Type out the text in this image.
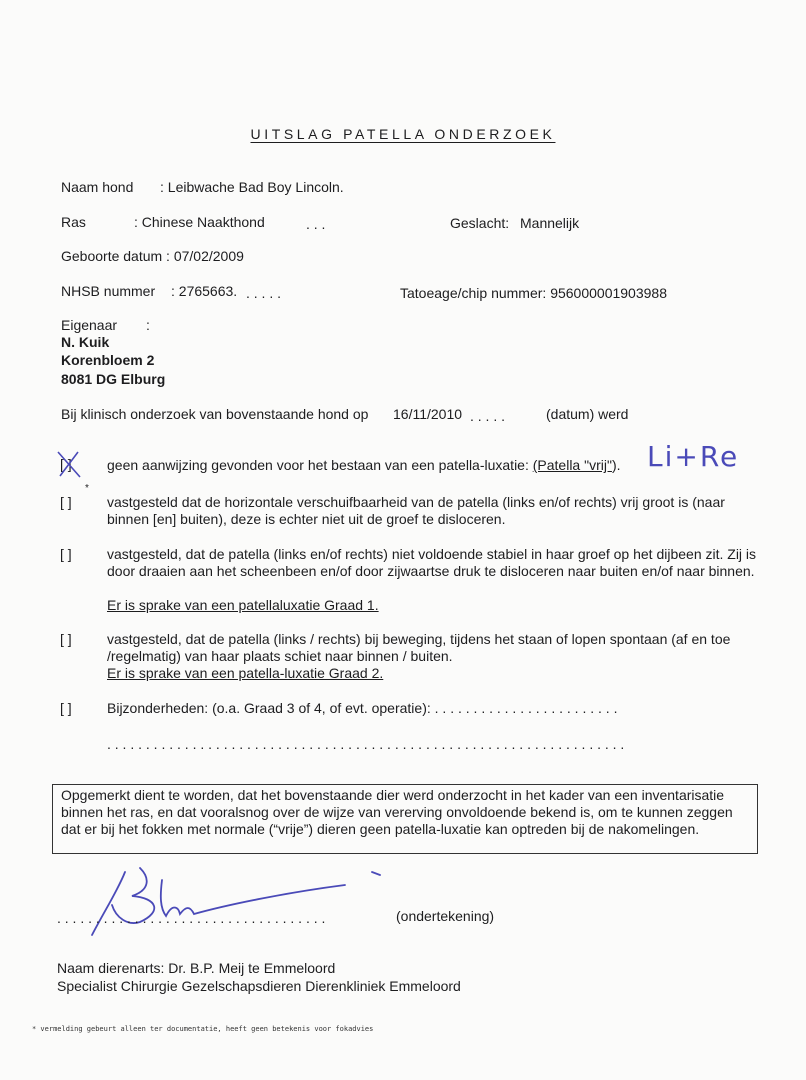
UITSLAG PATELLA ONDERZOEK
Naam hond : Leibwache Bad Boy Lincoln.
Ras	: Chinese Naakthond	. . .	Geslacht: Mannelijk
Geboorte datum : 07/02/2009
NHSB nummer : 2765663. . . . . .	Tatoeage/chip nummer: 956000001903988
Eigenaar :
N. Kuik
Korenbloem 2
8081 DG Elburg
Bij klinisch onderzoek van bovenstaande hond op 16/11/2010 . . . . .	(datum) werd
[ ]	geen aanwijzing gevonden voor het bestaan van een patella-luxatie: (Patella "vrij"). Li+Re
[ ]
*
vastgesteld dat de horizontale verschuifbaarheid van de patella (links en/of rechts) vrij groot is (naar binnen [en] buiten), deze is echter niet uit de groef te disloceren.
[ ]	vastgesteld, dat de patella (links en/of rechts) niet voldoende stabiel in haar groef op het dijbeen zit. Zij is door draaien aan het scheenbeen en/of door zijwaartse druk te disloceren naar buiten en/of naar binnen.
Er is sprake van een patellaluxatie Graad 1.
[ ]	vastgesteld, dat de patella (links / rechts) bij beweging, tijdens het staan of lopen spontaan (af en toe /regelmatig) van haar plaats schiet naar binnen / buiten.
Er is sprake van een patella-luxatie Graad 2.
[ ]	Bijzonderheden: (o.a. Graad 3 of 4, of evt. operatie): . . . . . . . . . . . . . . . . . . . . . . . .
. . . . . . . . . . . . . . . . . . . . . . . . . . . . . . . . . . . . . . . . . . . . . . . . . . . . . . . . . . . . . . . . . . .
Opgemerkt dient te worden, dat het bovenstaande dier werd onderzocht in het kader van een inventarisatie binnen het ras, en dat vooralsnog over de wijze van vererving onvoldoende bekend is, om te kunnen zeggen dat er bij het fokken met normale (“vrije”) dieren geen patella-luxatie kan optreden bij de nakomelingen.
. . . . . . . . . . . . . . . . . . . . . . . . . . . . . . . . . . .	(ondertekening)
Naam dierenarts: Dr. B.P. Meij te Emmeloord
Specialist Chirurgie Gezelschapsdieren Dierenkliniek Emmeloord
* vermelding gebeurt alleen ter documentatie, heeft geen betekenis voor fokadvies
